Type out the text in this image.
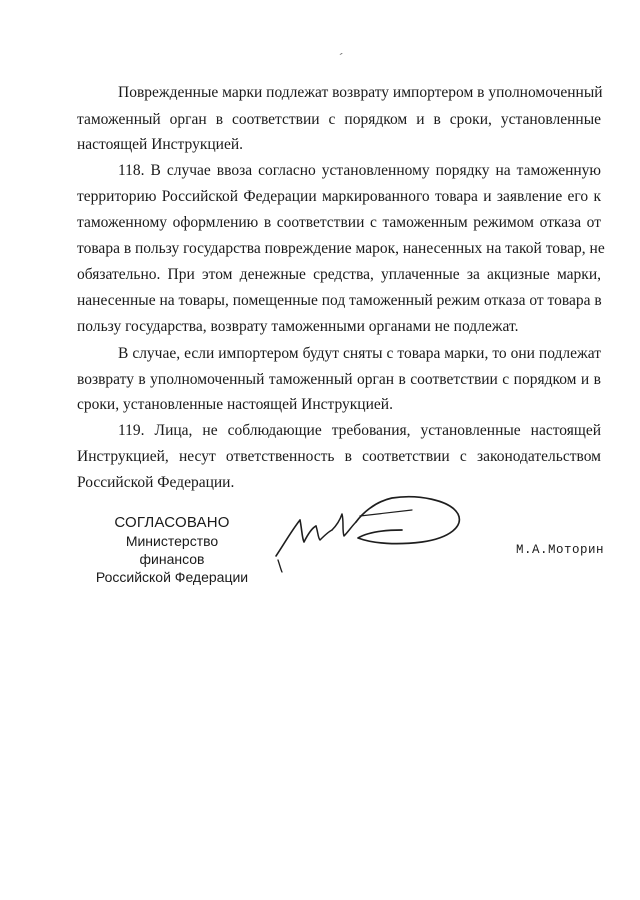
ˊ
Поврежденные марки подлежат возврату импортером в уполномоченный
таможенный орган в соответствии с порядком и в сроки, установленные
настоящей Инструкцией.
118. В случае ввоза согласно установленному порядку на таможенную
территорию Российской Федерации маркированного товара и заявление его к
таможенному оформлению в соответствии с таможенным режимом отказа от
товара в пользу государства повреждение марок, нанесенных на такой товар, не
обязательно. При этом денежные средства, уплаченные за акцизные марки,
нанесенные на товары, помещенные под таможенный режим отказа от товара в
пользу государства, возврату таможенными органами не подлежат.
В случае, если импортером будут сняты с товара марки, то они подлежат
возврату в уполномоченный таможенный орган в соответствии с порядком и в
сроки, установленные настоящей Инструкцией.
119. Лица, не соблюдающие требования, установленные настоящей
Инструкцией, несут ответственность в соответствии с законодательством
Российской Федерации.
СОГЛАСОВАНО
Министерство финансов
Российской Федерации
М.А.Моторин
